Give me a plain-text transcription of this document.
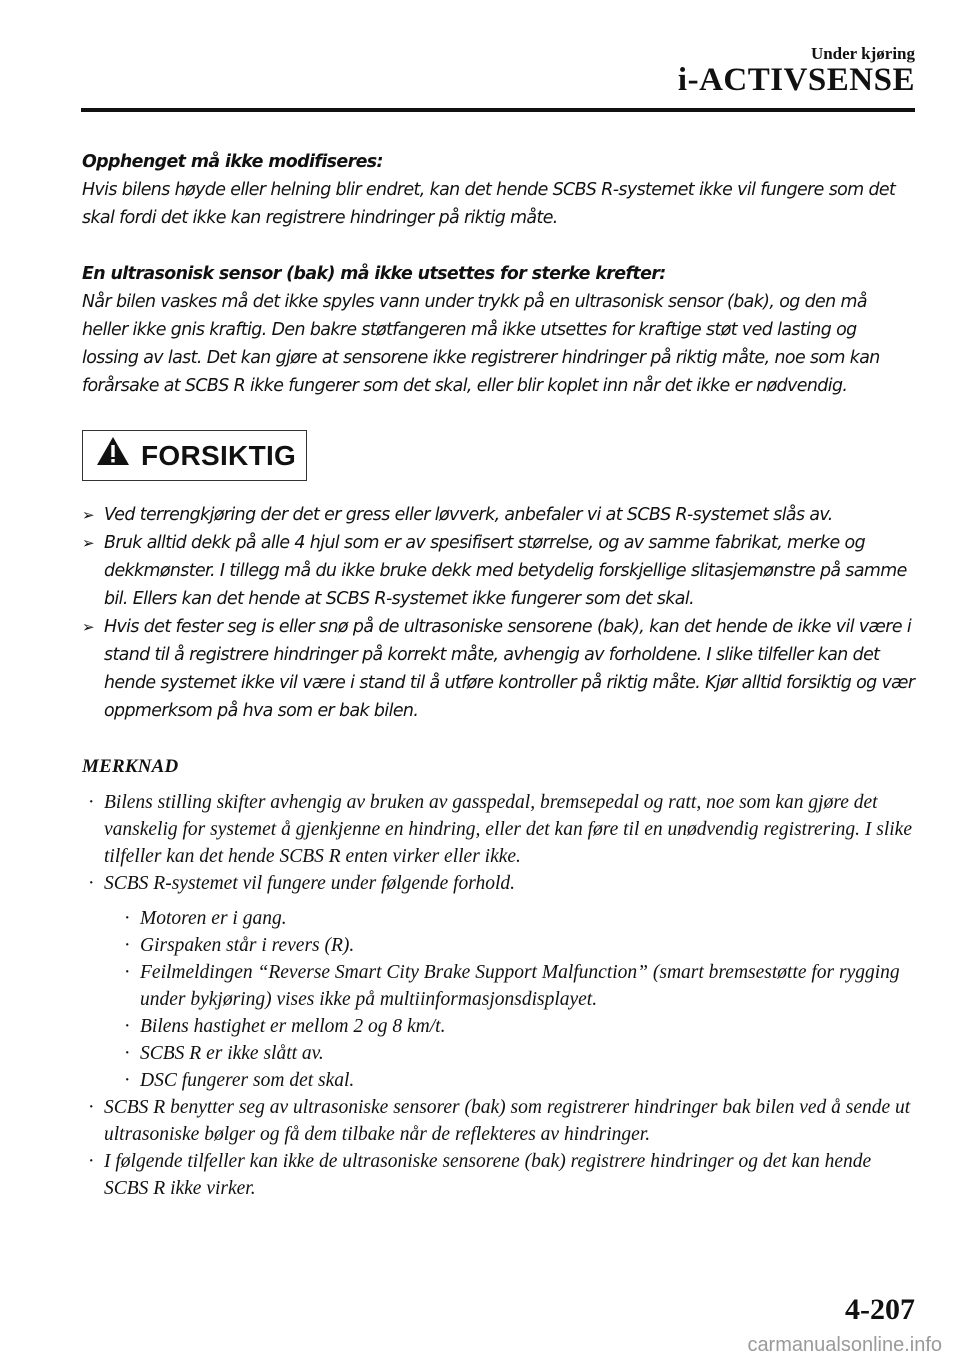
Under kjøring
i-ACTIVSENSE
Opphenget må ikke modifiseres:

Hvis bilens høyde eller helning blir endret, kan det hende SCBS R-systemet ikke vil fungere som det skal fordi det ikke kan registrere hindringer på riktig måte.

En ultrasonisk sensor (bak) må ikke utsettes for sterke krefter:

Når bilen vaskes må det ikke spyles vann under trykk på en ultrasonisk sensor (bak), og den må heller ikke gnis kraftig. Den bakre støtfangeren må ikke utsettes for kraftige støt ved lasting og lossing av last. Det kan gjøre at sensorene ikke registrerer hindringer på riktig måte, noe som kan forårsake at SCBS R ikke fungerer som det skal, eller blir koplet inn når det ikke er nødvendig.

FORSIKTIG
➢ Ved terrengkjøring der det er gress eller løvverk, anbefaler vi at SCBS R-systemet slås av.
➢ Bruk alltid dekk på alle 4 hjul som er av spesifisert størrelse, og av samme fabrikat, merke og dekkmønster. I tillegg må du ikke bruke dekk med betydelig forskjellige slitasjemønstre på samme bil. Ellers kan det hende at SCBS R-systemet ikke fungerer som det skal.
➢ Hvis det fester seg is eller snø på de ultrasoniske sensorene (bak), kan det hende de ikke vil være i stand til å registrere hindringer på korrekt måte, avhengig av forholdene. I slike tilfeller kan det hende systemet ikke vil være i stand til å utføre kontroller på riktig måte. Kjør alltid forsiktig og vær oppmerksom på hva som er bak bilen.
MERKNAD
· Bilens stilling skifter avhengig av bruken av gasspedal, bremsepedal og ratt, noe som kan gjøre det vanskelig for systemet å gjenkjenne en hindring, eller det kan føre til en unødvendig registrering. I slike tilfeller kan det hende SCBS R enten virker eller ikke.
· SCBS R-systemet vil fungere under følgende forhold.
· Motoren er i gang.
· Girspaken står i revers (R).
· Feilmeldingen “Reverse Smart City Brake Support Malfunction” (smart bremsestøtte for rygging under bykjøring) vises ikke på multiinformasjonsdisplayet.
· Bilens hastighet er mellom 2 og 8 km/t.
· SCBS R er ikke slått av.
· DSC fungerer som det skal.
· SCBS R benytter seg av ultrasoniske sensorer (bak) som registrerer hindringer bak bilen ved å sende ut ultrasoniske bølger og få dem tilbake når de reflekteres av hindringer.
· I følgende tilfeller kan ikke de ultrasoniske sensorene (bak) registrere hindringer og det kan hende SCBS R ikke virker.
4-207
carmanualsonline.info
